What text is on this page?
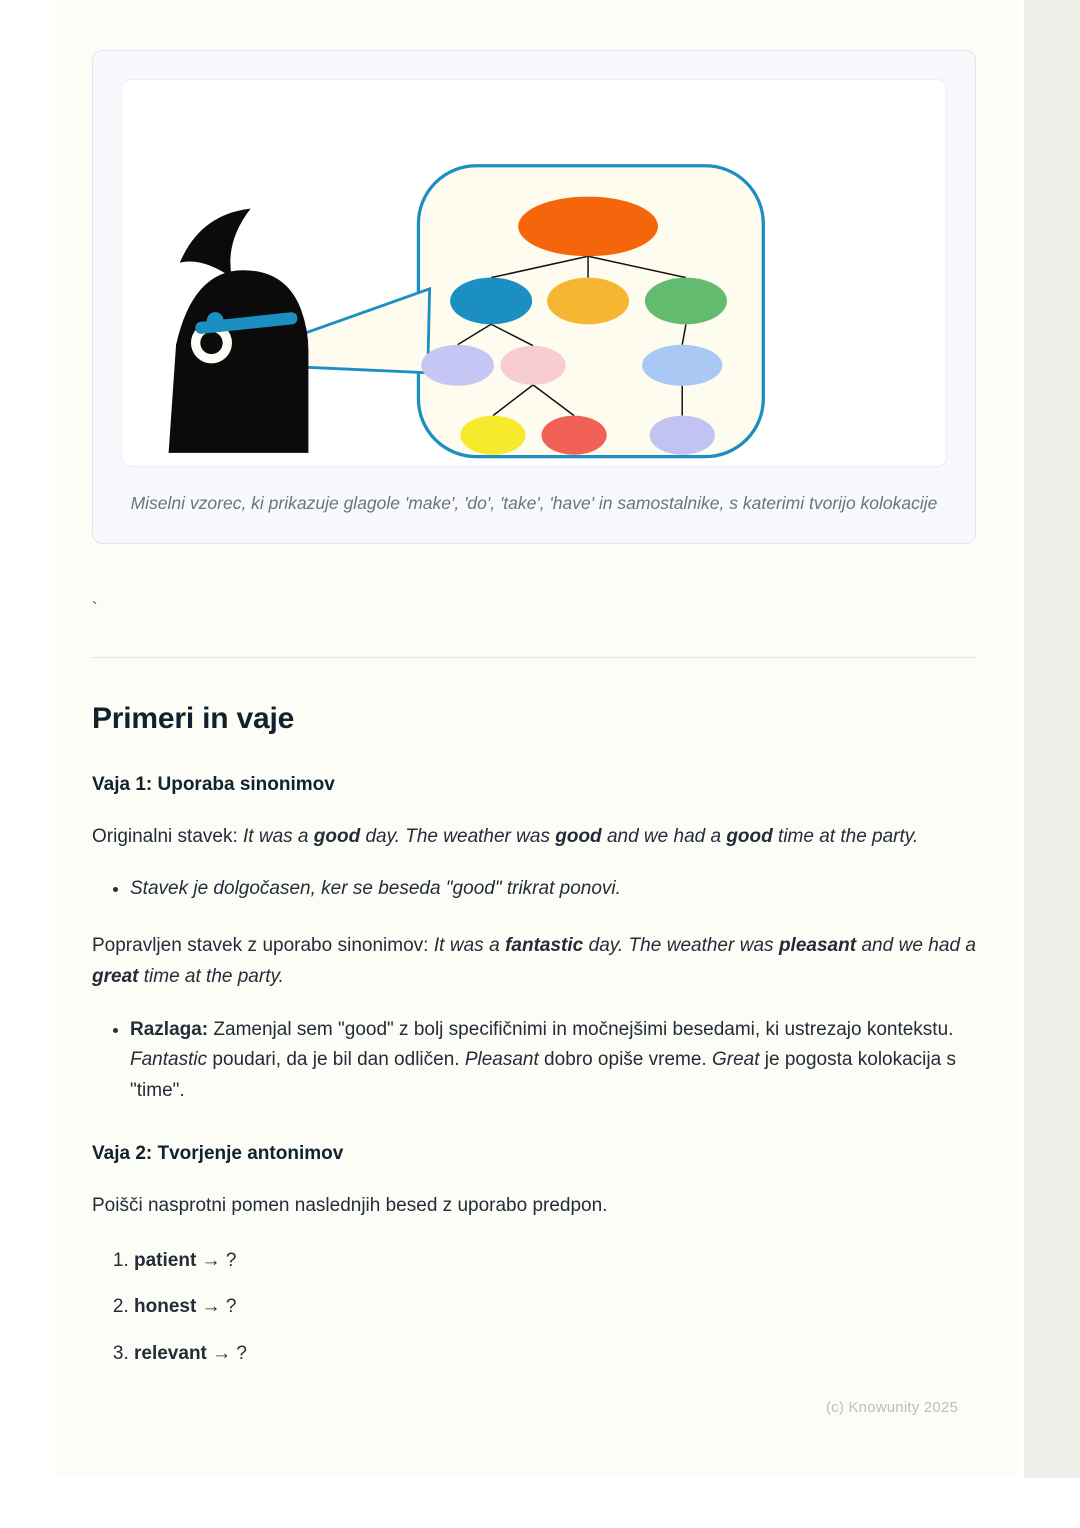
Miselni vzorec, ki prikazuje glagole 'make', 'do', 'take', 'have' in samostalnike, s katerimi tvorijo kolokacije
`
Primeri in vaje
Vaja 1: Uporaba sinonimov

Originalni stavek: It was a good day. The weather was good and we had a good time at the party.

• Stavek je dolgočasen, ker se beseda "good" trikrat ponovi.

Popravljen stavek z uporabo sinonimov: It was a fantastic day. The weather was pleasant and we had a great time at the party.

• Razlaga: Zamenjal sem "good" z bolj specifičnimi in močnejšimi besedami, ki ustrezajo kontekstu. Fantastic poudari, da je bil dan odličen. Pleasant dobro opiše vreme. Great je pogosta kolokacija s "time".
Vaja 2: Tvorjenje antonimov

Poišči nasprotni pomen naslednjih besed z uporabo predpon.

1. patient → ?
2. honest → ?
3. relevant → ?
(c) Knowunity 2025
